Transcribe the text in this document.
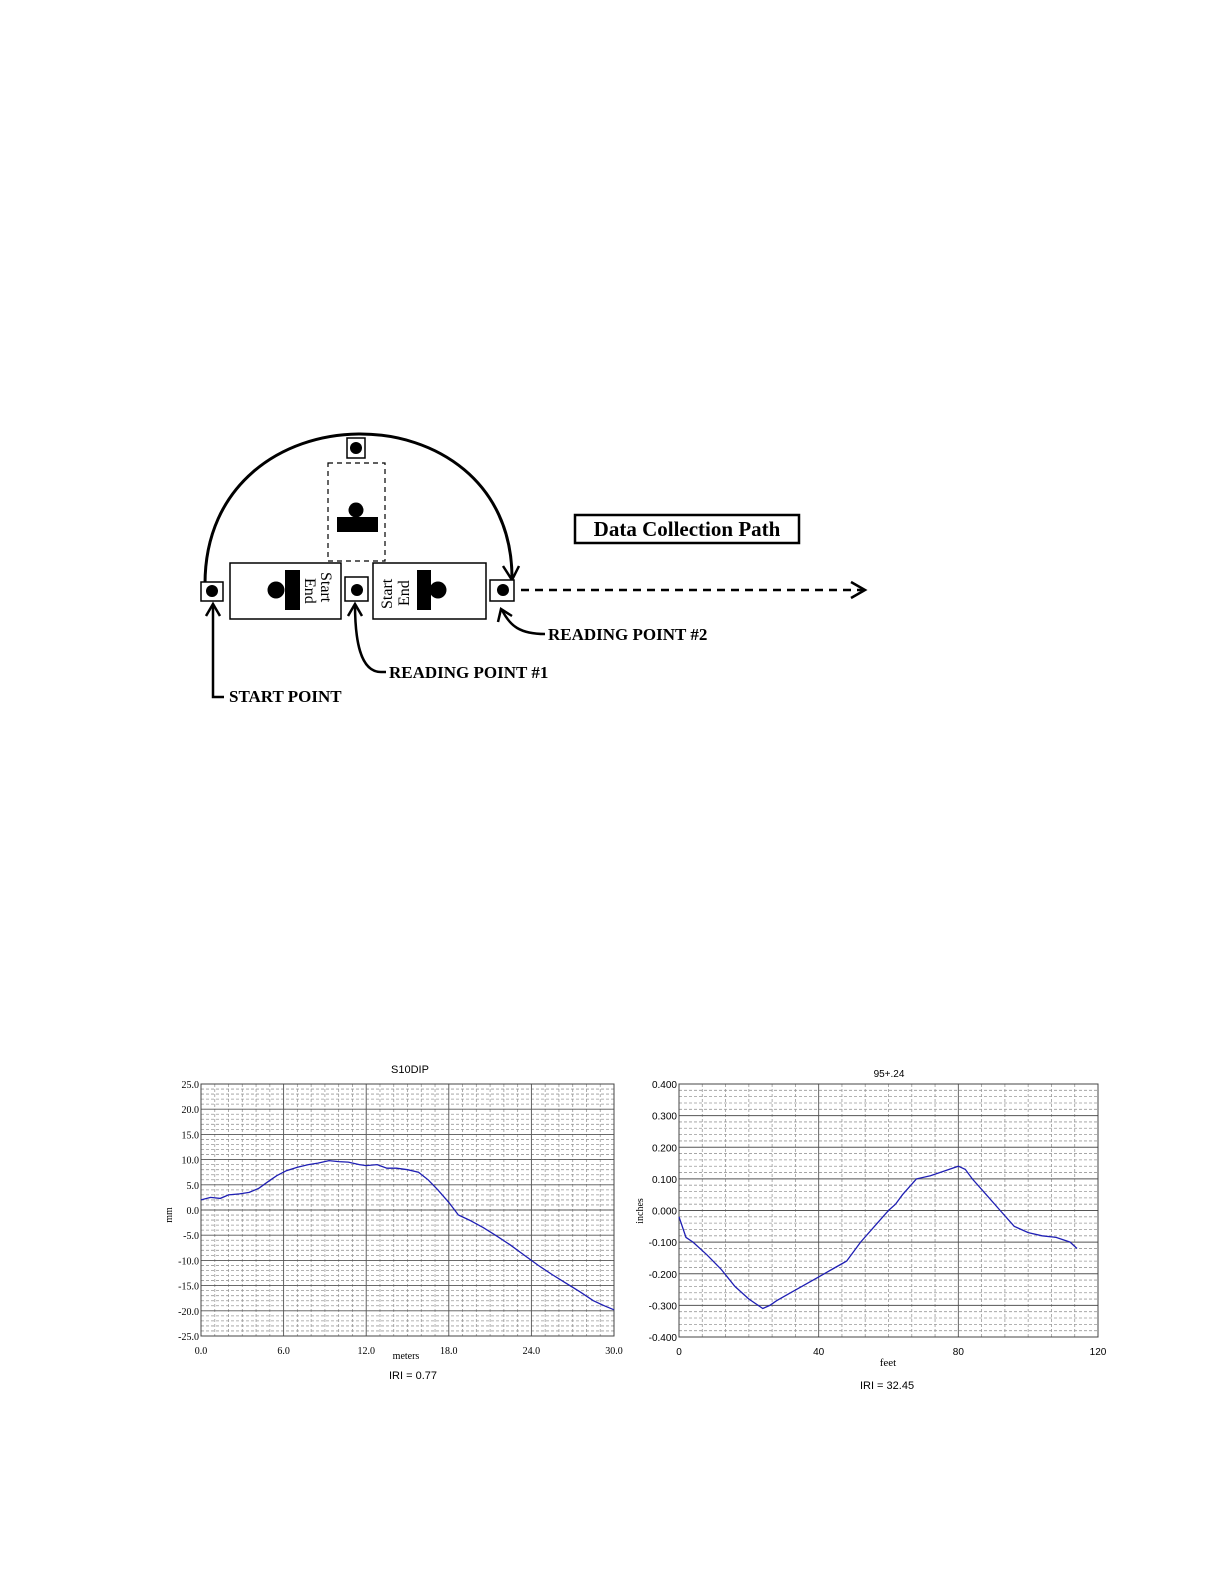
Start
End	Start End
START POINT
READING POINT #1
READING POINT #2
Data Collection Path
S10DIP
mm
meters
IRI = 0.77
25.0
20.0
15.0
10.0
5.0
0.0
-5.0
-10.0
-15.0
-20.0
-25.0
0.0	6.0	12.0	18.0	24.0	30.0
95+.24
inches
feet
IRI = 32.45
0.400
0.300
0.200
0.100
0.000
-0.100
-0.200
-0.300
-0.400
0	40	80	120
